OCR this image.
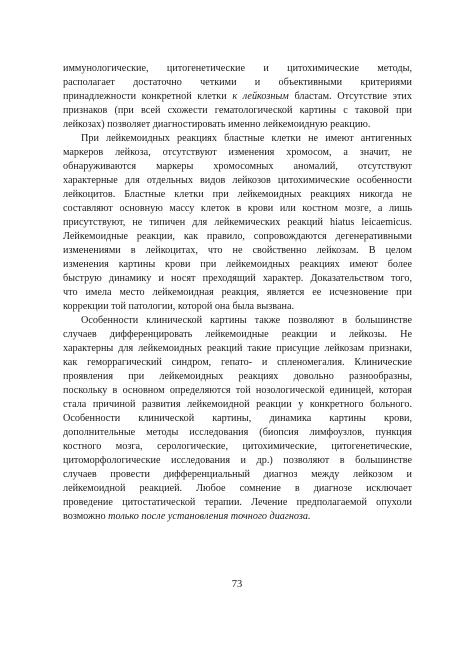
иммунологические, цитогенетические и цитохимические методы,
располагает достаточно четкими и объективными критериями
принадлежности конкретной клетки к лейкозным бластам. Отсутствие этих
признаков (при всей схожести гематологической картины с таковой при
лейкозах) позволяет диагностировать именно лейкемоидную реакцию.
При лейкемоидных реакциях бластные клетки не имеют антигенных
маркеров лейкоза, отсутствуют изменения хромосом, а значит, не
обнаруживаются маркеры хромосомных аномалий, отсутствуют
характерные для отдельных видов лейкозов цитохимические особенности
лейкоцитов. Бластные клетки при лейкемоидных реакциях никогда не
составляют основную массу клеток в крови или костном мозге, а лишь
присутствуют, не типичен для лейкемических реакций hiatus leicaemicus.
Лейкемоидные реакции, как правило, сопровождаются дегенеративными
изменениями в лейкоцитах, что не свойственно лейкозам. В целом
изменения картины крови при лейкемоидных реакциях имеют более
быструю динамику и носят преходящий характер. Доказательством того,
что имела место лейкемоидная реакция, является ее исчезновение при
коррекции той патологии, которой она была вызвана.
Особенности клинической картины также позволяют в большинстве
случаев дифференцировать лейкемоидные реакции и лейкозы. Не
характерны для лейкемоидных реакций такие присущие лейкозам признаки,
как геморрагический синдром, гепато- и спленомегалия. Клинические
проявления при лейкемоидных реакциях довольно разнообразны,
поскольку в основном определяются той нозологической единицей, которая
стала причиной развития лейкемоидной реакции у конкретного больного.
Особенности клинической картины, динамика картины крови,
дополнительные методы исследования (биопсия лимфоузлов, пункция
костного мозга, серологические, цитохимические, цитогенетические,
цитоморфологические исследования и др.) позволяют в большинстве
случаев провести дифференциальный диагноз между лейкозом и
лейкемоидной реакцией. Любое сомнение в диагнозе исключает
проведение цитостатической терапии. Лечение предполагаемой опухоли
возможно только после установления точного диагноза.
73
